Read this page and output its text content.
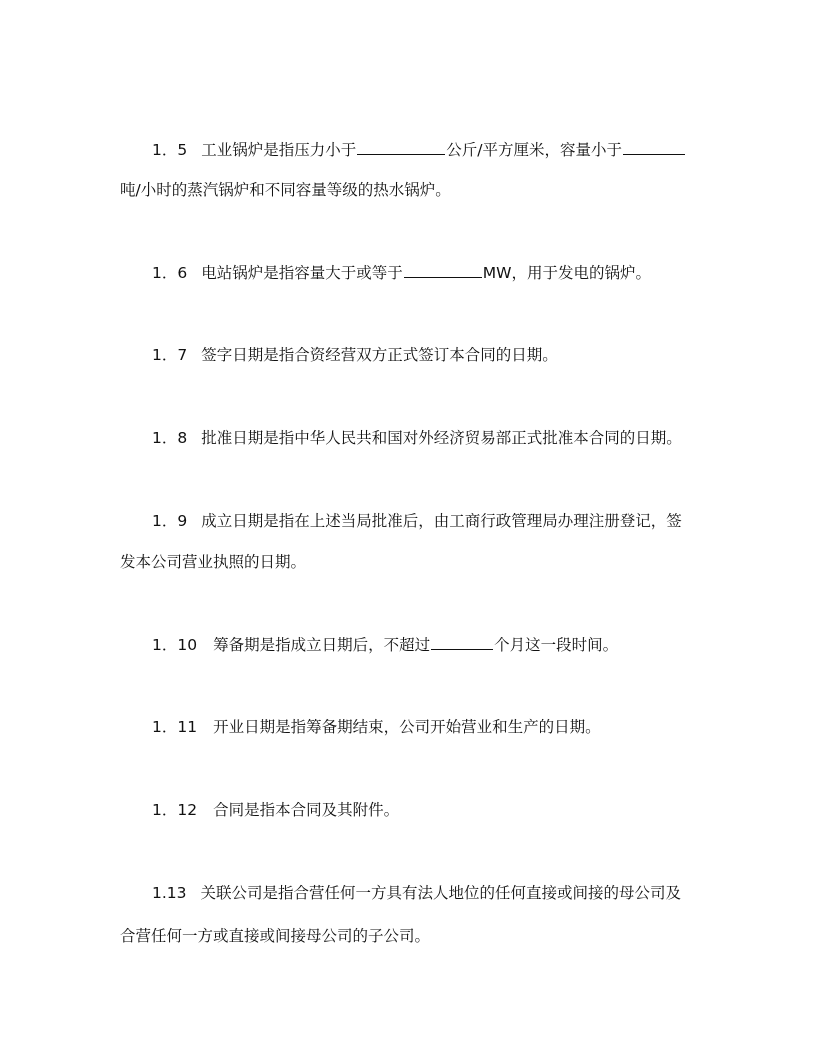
1．5 工业锅炉是指压力小于	公斤/平方厘米，容量小于
吨/小时的蒸汽锅炉和不同容量等级的热水锅炉。
1．6 电站锅炉是指容量大于或等于	MW，用于发电的锅炉。
1．7 签字日期是指合资经营双方正式签订本合同的日期。
1．8 批准日期是指中华人民共和国对外经济贸易部正式批准本合同的日期。
1．9 成立日期是指在上述当局批准后，由工商行政管理局办理注册登记，签
发本公司营业执照的日期。
1．10 筹备期是指成立日期后，不超过	个月这一段时间。
1．11 开业日期是指筹备期结束，公司开始营业和生产的日期。
1．12 合同是指本合同及其附件。
1.13 关联公司是指合营任何一方具有法人地位的任何直接或间接的母公司及
合营任何一方或直接或间接母公司的子公司。
